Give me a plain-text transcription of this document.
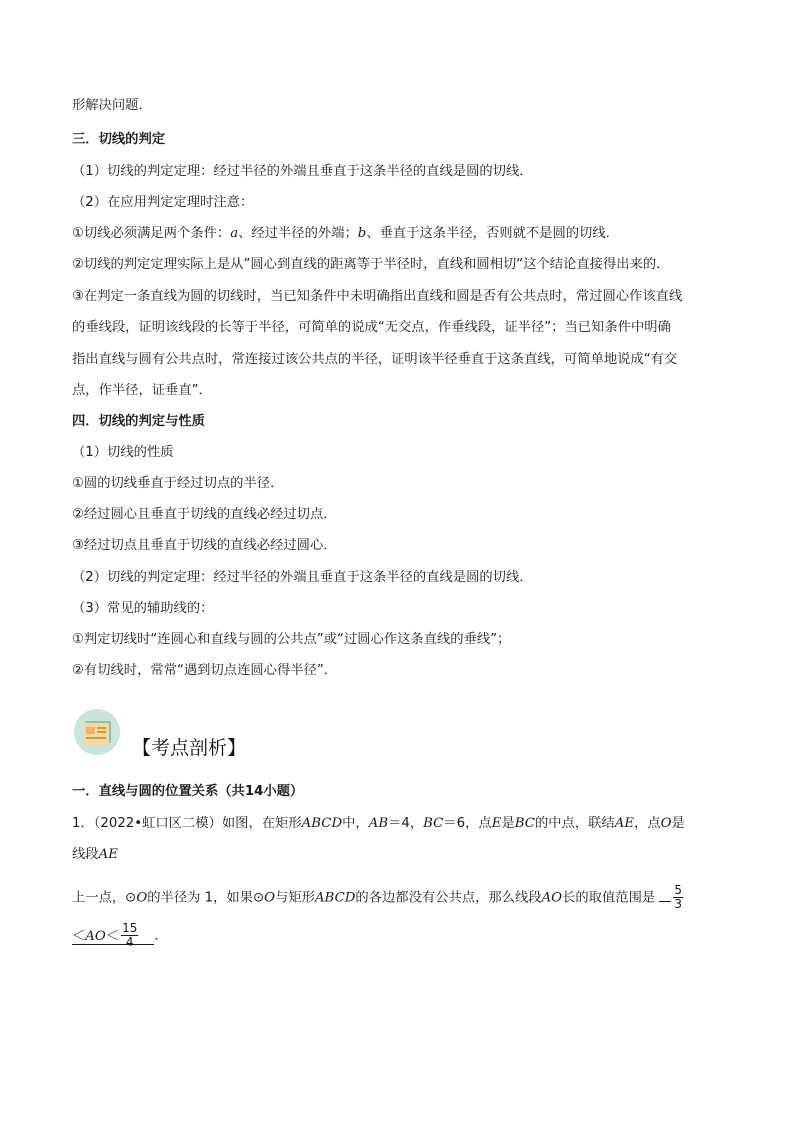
形解决问题．
三．切线的判定
（1）切线的判定定理：经过半径的外端且垂直于这条半径的直线是圆的切线．
（2）在应用判定定理时注意：
①切线必须满足两个条件：a、经过半径的外端；b、垂直于这条半径，否则就不是圆的切线．
②切线的判定定理实际上是从”圆心到直线的距离等于半径时，直线和圆相切“这个结论直接得出来的．
③在判定一条直线为圆的切线时，当已知条件中未明确指出直线和圆是否有公共点时，常过圆心作该直线
的垂线段，证明该线段的长等于半径，可简单的说成“无交点，作垂线段，证半径”；当已知条件中明确
指出直线与圆有公共点时，常连接过该公共点的半径，证明该半径垂直于这条直线，可简单地说成“有交
点，作半径，证垂直”．
四．切线的判定与性质
（1）切线的性质
①圆的切线垂直于经过切点的半径．
②经过圆心且垂直于切线的直线必经过切点．
③经过切点且垂直于切线的直线必经过圆心．
（2）切线的判定定理：经过半径的外端且垂直于这条半径的直线是圆的切线．
（3）常见的辅助线的：
①判定切线时“连圆心和直线与圆的公共点”或“过圆心作这条直线的垂线”；
②有切线时，常常“遇到切点连圆心得半径”．
【考点剖析】
一．直线与圆的位置关系（共14小题）
1．（2022•虹口区二模）如图，在矩形ABCD中，AB＝4，BC＝6，点E是BC的中点，联结AE，点O是
线段AE
上一点，⊙O的半径为 1，如果⊙O与矩形ABCD的各边都没有公共点，那么线段AO长的取值范围是 $\frac{5}{3}$
$<AO< \frac{15}{4}$ ．
